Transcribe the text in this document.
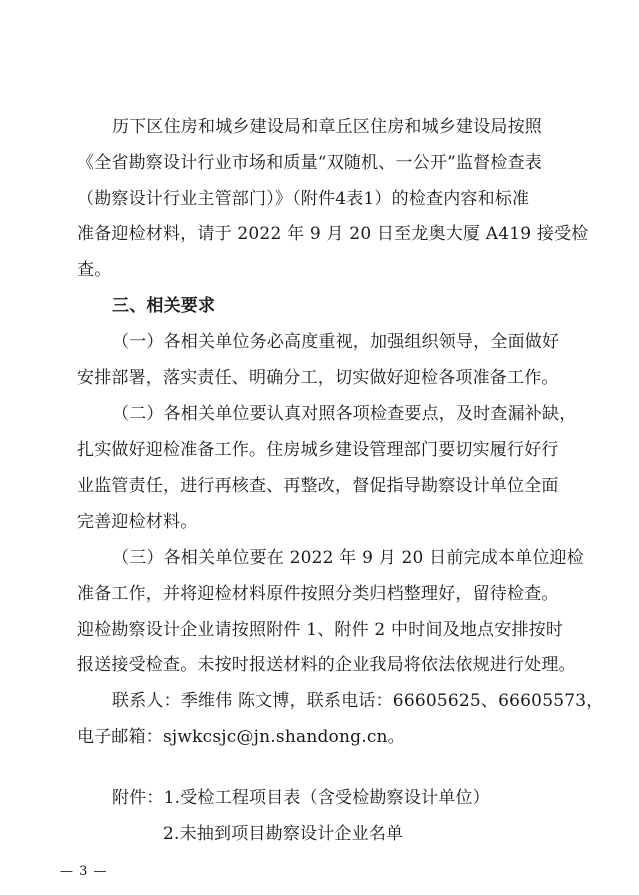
历下区住房和城乡建设局和章丘区住房和城乡建设局按照
《全省勘察设计行业市场和质量“双随机、一公开”监督检查表
（勘察设计行业主管部门）》（附件4表1）的检查内容和标准
准备迎检材料，请于 2022 年 9 月 20 日至龙奥大厦 A419 接受检
查。
三、相关要求
（一）各相关单位务必高度重视，加强组织领导，全面做好
安排部署，落实责任、明确分工，切实做好迎检各项准备工作。
（二）各相关单位要认真对照各项检查要点，及时查漏补缺，
扎实做好迎检准备工作。住房城乡建设管理部门要切实履行好行
业监管责任，进行再核查、再整改，督促指导勘察设计单位全面
完善迎检材料。
（三）各相关单位要在 2022 年 9 月 20 日前完成本单位迎检
准备工作，并将迎检材料原件按照分类归档整理好，留待检查。
迎检勘察设计企业请按照附件 1、附件 2 中时间及地点安排按时
报送接受检查。未按时报送材料的企业我局将依法依规进行处理。
联系人：季维伟 陈文博，联系电话：66605625、66605573，
电子邮箱：sjwkcsjc@jn.shandong.cn。
附件：1.受检工程项目表（含受检勘察设计单位）
2.未抽到项目勘察设计企业名单
— 3 —
